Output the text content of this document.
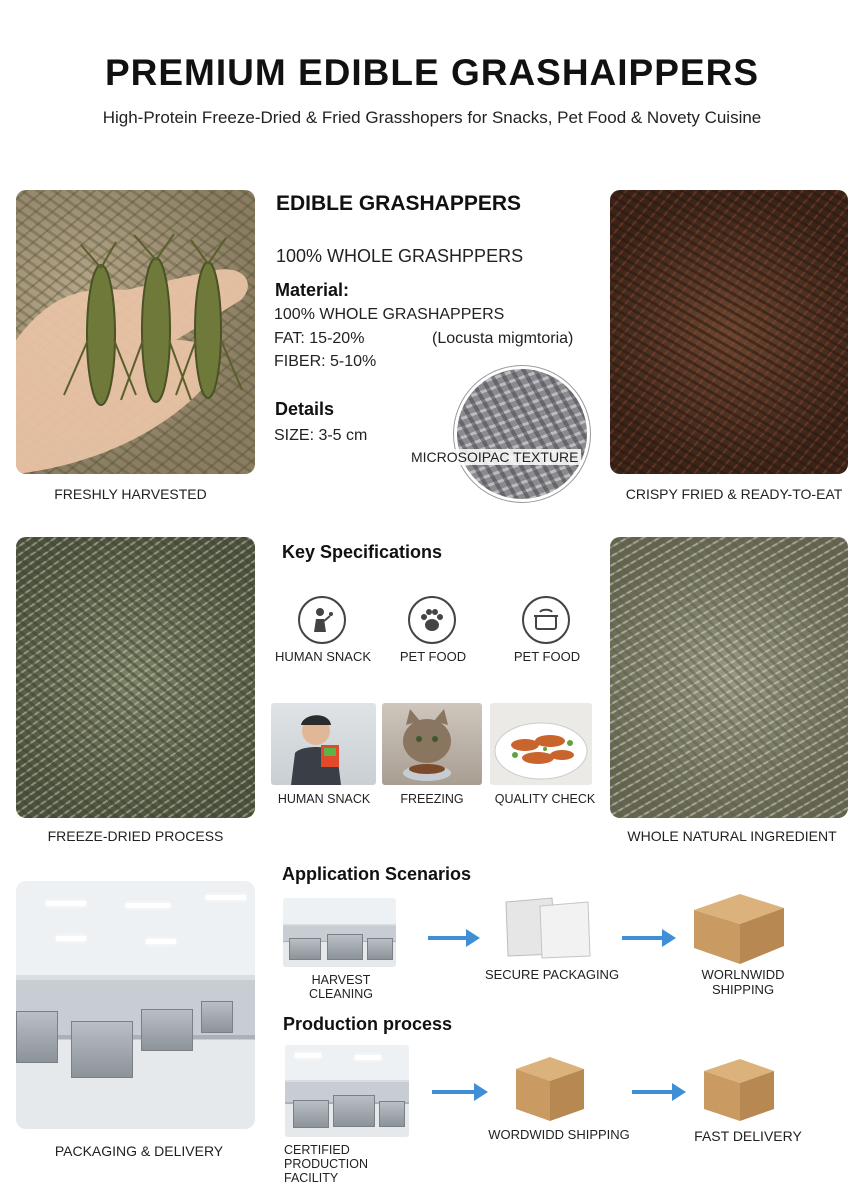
PREMIUM EDIBLE GRASHAIPPERS
High-Protein Freeze-Dried & Fried Grasshopers for Snacks, Pet Food & Novety Cuisine
FRESHLY HARVESTED
EDIBLE GRASHAPPERS
100% WHOLE GRASHPPERS
Material:
100% WHOLE GRASHAPPERS
FAT: 15-20%	(Locusta migmtoria)
FIBER: 5-10%
Details
SIZE: 3-5 cm
MICROSOIPAC TEXTURE
CRISPY FRIED & READY-TO-EAT
FREEZE-DRIED PROCESS
Key Specifications
HUMAN SNACK	PET FOOD	PET FOOD
HUMAN SNACK	FREEZING	QUALITY CHECK
WHOLE NATURAL INGREDIENT
PACKAGING & DELIVERY
Application Scenarios
HARVEST CLEANING
SECURE PACKAGING	WORLNWIDD SHIPPING
Production process
CERTIFIED PRODUCTION FACILITY
WORDWIDD SHIPPING	FAST DELIVERY
